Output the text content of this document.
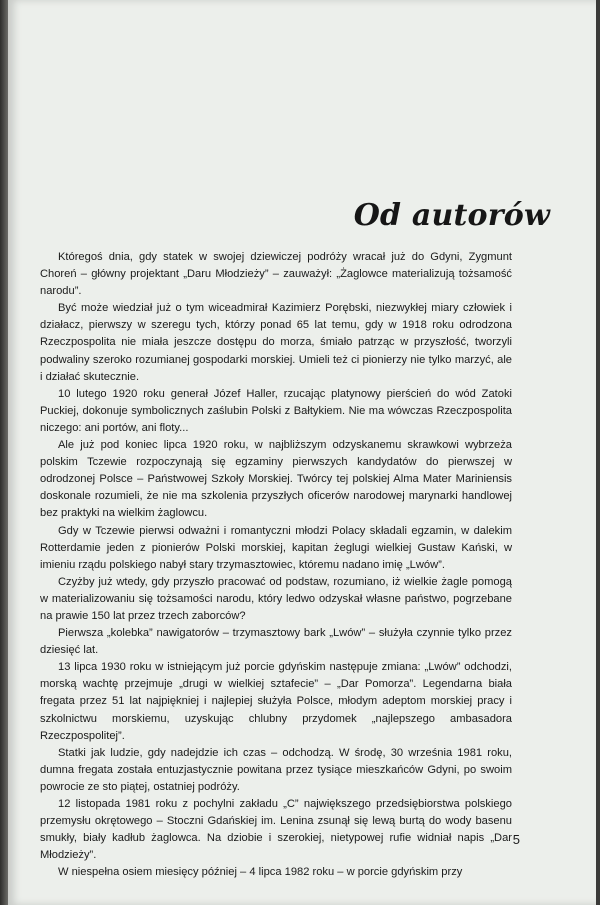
Od autorów

Któregoś dnia, gdy statek w swojej dziewiczej podróży wracał już do Gdyni, Zygmunt Choreń – główny projektant „Daru Młodzieży” – zauważył: „Żaglowce materializują tożsamość narodu”.

Być może wiedział już o tym wiceadmirał Kazimierz Porębski, niezwykłej miary człowiek i działacz, pierwszy w szeregu tych, którzy ponad 65 lat temu, gdy w 1918 roku odrodzona Rzeczpospolita nie miała jeszcze dostępu do morza, śmiało patrząc w przyszłość, tworzyli podwaliny szeroko rozumianej gospodarki morskiej. Umieli też ci pionierzy nie tylko marzyć, ale i działać skutecznie.

10 lutego 1920 roku generał Józef Haller, rzucając platynowy pierścień do wód Zatoki Puckiej, dokonuje symbolicznych zaślubin Polski z Bałtykiem. Nie ma wówczas Rzeczpospolita niczego: ani portów, ani floty...

Ale już pod koniec lipca 1920 roku, w najbliższym odzyskanemu skrawkowi wybrzeża polskim Tczewie rozpoczynają się egzaminy pierwszych kandydatów do pierwszej w odrodzonej Polsce – Państwowej Szkoły Morskiej. Twórcy tej polskiej Alma Mater Mariniensis doskonale rozumieli, że nie ma szkolenia przyszłych oficerów narodowej marynarki handlowej bez praktyki na wielkim żaglowcu.

Gdy w Tczewie pierwsi odważni i romantyczni młodzi Polacy składali egzamin, w dalekim Rotterdamie jeden z pionierów Polski morskiej, kapitan żeglugi wielkiej Gustaw Kański, w imieniu rządu polskiego nabył stary trzymasztowiec, któremu nadano imię „Lwów”.

Czyżby już wtedy, gdy przyszło pracować od podstaw, rozumiano, iż wielkie żagle pomogą w materializowaniu się tożsamości narodu, który ledwo odzyskał własne państwo, pogrzebane na prawie 150 lat przez trzech zaborców?

Pierwsza „kolebka” nawigatorów – trzymasztowy bark „Lwów” – służyła czynnie tylko przez dziesięć lat.

13 lipca 1930 roku w istniejącym już porcie gdyńskim następuje zmiana: „Lwów” odchodzi, morską wachtę przejmuje „drugi w wielkiej sztafecie” – „Dar Pomorza”. Legendarna biała fregata przez 51 lat najpiękniej i najlepiej służyła Polsce, młodym adeptom morskiej pracy i szkolnictwu morskiemu, uzyskując chlubny przydomek „najlepszego ambasadora Rzeczpospolitej”.

Statki jak ludzie, gdy nadejdzie ich czas – odchodzą. W środę, 30 września 1981 roku, dumna fregata została entuzjastycznie powitana przez tysiące mieszkańców Gdyni, po swoim powrocie ze sto piątej, ostatniej podróży.

12 listopada 1981 roku z pochylni zakładu „C” największego przedsiębiorstwa polskiego przemysłu okrętowego – Stoczni Gdańskiej im. Lenina zsunął się lewą burtą do wody basenu smukły, biały kadłub żaglowca. Na dziobie i szerokiej, nietypowej rufie widniał napis „Dar Młodzieży”.

W niespełna osiem miesięcy później – 4 lipca 1982 roku – w porcie gdyńskim przy

5
